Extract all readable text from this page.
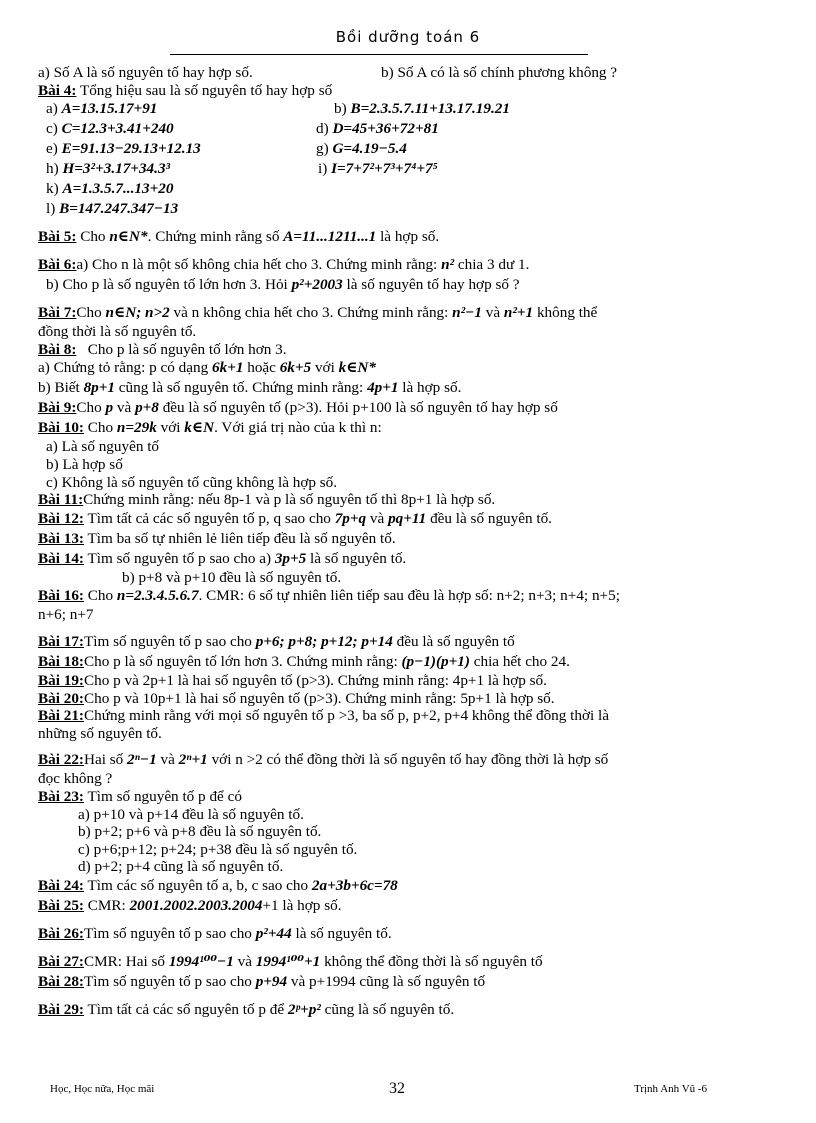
Bồi dưỡng toán 6
a) Số A là số nguyên tố hay hợp số.	b) Số A có là số chính phương không ?
Bài 4: Tổng hiệu sau là số nguyên tố hay hợp số
a) A=13.15.17+91	b) B=2.3.5.7.11+13.17.19.21
c) C=12.3+3.41+240	d) D=45+36+72+81
e) E=91.13−29.13+12.13	g) G=4.19−5.4
h) H=3²+3.17+34.3³	i) I=7+7²+7³+7⁴+7⁵
k) A=1.3.5.7...13+20
l) B=147.247.347−13
Bài 5: Cho n∈N*. Chứng minh rằng số A=11...1211...1 là hợp số.
Bài 6:a) Cho n là một số không chia hết cho 3. Chứng minh rằng: n² chia 3 dư 1.
b) Cho p là số nguyên tố lớn hơn 3. Hỏi p²+2003 là số nguyên tố hay hợp số ?
Bài 7:Cho n∈N; n>2 và n không chia hết cho 3. Chứng minh rằng: n²−1 và n²+1 không thể
đồng thời là số nguyên tố.
Bài 8: Cho p là số nguyên tố lớn hơn 3.
a) Chứng tỏ rằng: p có dạng 6k+1 hoặc 6k+5 với k∈N*
b) Biết 8p+1 cũng là số nguyên tố. Chứng minh rằng: 4p+1 là hợp số.
Bài 9:Cho p và p+8 đều là số nguyên tố (p>3). Hỏi p+100 là số nguyên tố hay hợp số
Bài 10: Cho n=29k với k∈N. Với giá trị nào của k thì n:
a) Là số nguyên tố
b) Là hợp số
c) Không là số nguyên tố cũng không là hợp số.
Bài 11:Chứng minh rằng: nếu 8p-1 và p là số nguyên tố thì 8p+1 là hợp số.
Bài 12: Tìm tất cả các số nguyên tố p, q sao cho 7p+q và pq+11 đều là số nguyên tố.
Bài 13: Tìm ba số tự nhiên lẻ liên tiếp đều là số nguyên tố.
Bài 14: Tìm số nguyên tố p sao cho a) 3p+5 là số nguyên tố.
b) p+8 và p+10 đều là số nguyên tố.
Bài 16: Cho n=2.3.4.5.6.7. CMR: 6 số tự nhiên liên tiếp sau đều là hợp số: n+2; n+3; n+4; n+5;
n+6; n+7
Bài 17:Tìm số nguyên tố p sao cho p+6; p+8; p+12; p+14 đều là số nguyên tố
Bài 18:Cho p là số nguyên tố lớn hơn 3. Chứng minh rằng: (p−1)(p+1) chia hết cho 24.
Bài 19:Cho p và 2p+1 là hai số nguyên tố (p>3). Chứng minh rằng: 4p+1 là hợp số.
Bài 20:Cho p và 10p+1 là hai số nguyên tố (p>3). Chứng minh rằng: 5p+1 là hợp số.
Bài 21:Chứng minh rằng với mọi số nguyên tố p >3, ba số p, p+2, p+4 không thể đồng thời là
những số nguyên tố.
Bài 22:Hai số 2ⁿ−1 và 2ⁿ+1 với n >2 có thể đồng thời là số nguyên tố hay đồng thời là hợp số
đọc không ?
Bài 23: Tìm số nguyên tố p để có
a) p+10 và p+14 đều là số nguyên tố.
b) p+2; p+6 và p+8 đều là số nguyên tố.
c) p+6;p+12; p+24; p+38 đều là số nguyên tố.
d) p+2; p+4 cũng là số nguyên tố.
Bài 24: Tìm các số nguyên tố a, b, c sao cho 2a+3b+6c=78
Bài 25: CMR: 2001.2002.2003.2004+1 là hợp số.
Bài 26:Tìm số nguyên tố p sao cho p²+44 là số nguyên tố.
Bài 27:CMR: Hai số 1994¹⁰⁰−1 và 1994¹⁰⁰+1 không thể đồng thời là số nguyên tố
Bài 28:Tìm số nguyên tố p sao cho p+94 và p+1994 cũng là số nguyên tố
Bài 29: Tìm tất cả các số nguyên tố p để 2ᵖ+p² cũng là số nguyên tố.
Học, Học nữa, Học mãi	32	Trịnh Anh Vũ -6
